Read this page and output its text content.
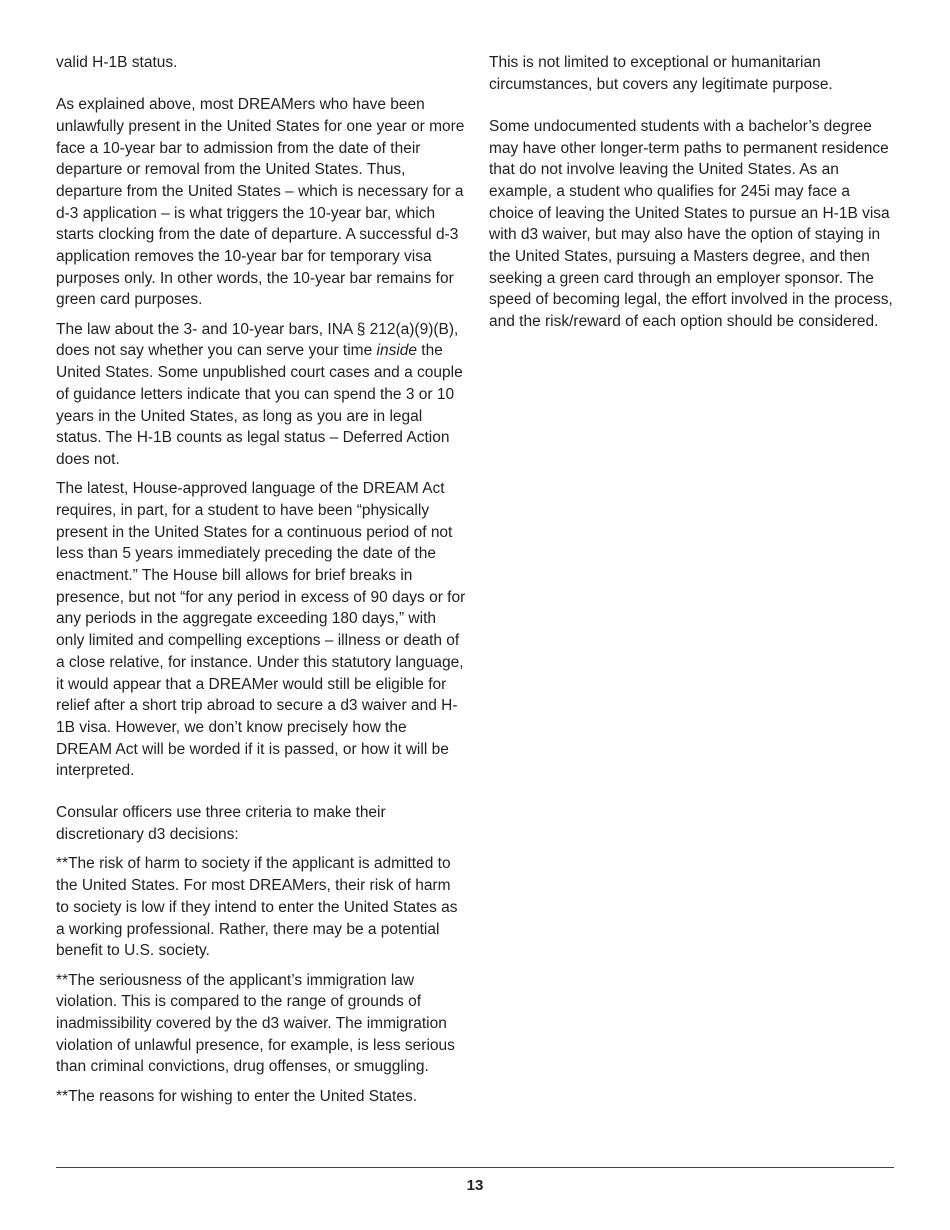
valid H-1B status.

As explained above, most DREAMers who have been unlawfully present in the United States for one year or more face a 10-year bar to admission from the date of their departure or removal from the United States. Thus, departure from the United States – which is necessary for a d-3 application – is what triggers the 10-year bar, which starts clocking from the date of departure. A successful d-3 application removes the 10-year bar for temporary visa purposes only. In other words, the 10-year bar remains for green card purposes.

The law about the 3- and 10-year bars, INA § 212(a)(9)(B), does not say whether you can serve your time inside the United States. Some unpublished court cases and a couple of guidance letters indicate that you can spend the 3 or 10 years in the United States, as long as you are in legal status. The H-1B counts as legal status – Deferred Action does not.

The latest, House-approved language of the DREAM Act requires, in part, for a student to have been “physically present in the United States for a continuous period of not less than 5 years immediately preceding the date of the enactment.” The House bill allows for brief breaks in presence, but not “for any period in excess of 90 days or for any periods in the aggregate exceeding 180 days,” with only limited and compelling exceptions – illness or death of a close relative, for instance. Under this statutory language, it would appear that a DREAMer would still be eligible for relief after a short trip abroad to secure a d3 waiver and H-1B visa. However, we don’t know precisely how the DREAM Act will be worded if it is passed, or how it will be interpreted.

Consular officers use three criteria to make their discretionary d3 decisions:

**The risk of harm to society if the applicant is admitted to the United States. For most DREAMers, their risk of harm to society is low if they intend to enter the United States as a working professional. Rather, there may be a potential benefit to U.S. society.

**The seriousness of the applicant’s immigration law violation. This is compared to the range of grounds of inadmissibility covered by the d3 waiver. The immigration violation of unlawful presence, for example, is less serious than criminal convictions, drug offenses, or smuggling.

**The reasons for wishing to enter the United States.

This is not limited to exceptional or humanitarian circumstances, but covers any legitimate purpose.

Some undocumented students with a bachelor’s degree may have other longer-term paths to permanent residence that do not involve leaving the United States. As an example, a student who qualifies for 245i may face a choice of leaving the United States to pursue an H-1B visa with d3 waiver, but may also have the option of staying in the United States, pursuing a Masters degree, and then seeking a green card through an employer sponsor. The speed of becoming legal, the effort involved in the process, and the risk/reward of each option should be considered.

13
